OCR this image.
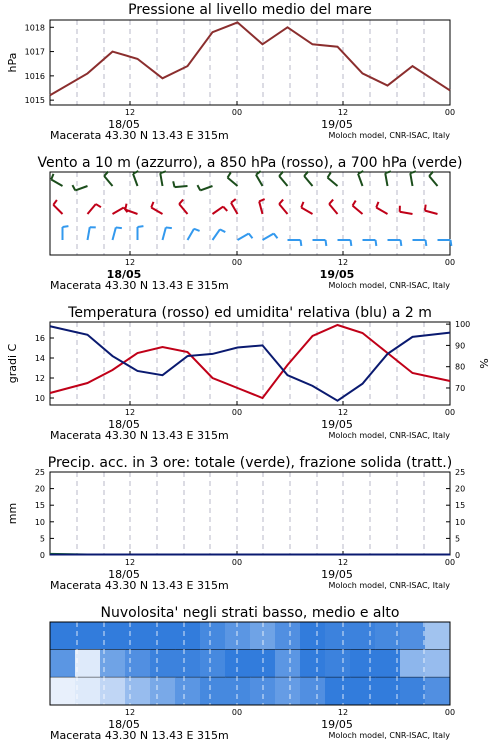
Pressione al livello medio del mare
12	00	12	00
18/05	19/05
Macerata 43.30 N 13.43 E 315m	Moloch model, CNR-ISAC, Italy
Vento a 10 m (azzurro), a 850 hPa (rosso), a 700 hPa (verde)
12	00	12	00
18/05	19/05
Macerata 43.30 N 13.43 E 315m	Moloch model, CNR-ISAC, Italy
Temperatura (rosso) ed umidita' relativa (blu) a 2 m
12	00	12	00
18/05	19/05
Macerata 43.30 N 13.43 E 315m	Moloch model, CNR-ISAC, Italy
Precip. acc. in 3 ore: totale (verde), frazione solida (tratt.)
12	00	12	00
18/05	19/05
Macerata 43.30 N 13.43 E 315m	Moloch model, CNR-ISAC, Italy
Nuvolosita' negli strati basso, medio e alto
12	00	12	00
18/05	19/05
Macerata 43.30 N 13.43 E 315m	Moloch model, CNR-ISAC, Italy
1015
1016
1017
1018
hPa
10
12
14
16
70
80
90
100
gradi C	%
0	0
5	5
10	10
15	15
20	20
25	25
mm
